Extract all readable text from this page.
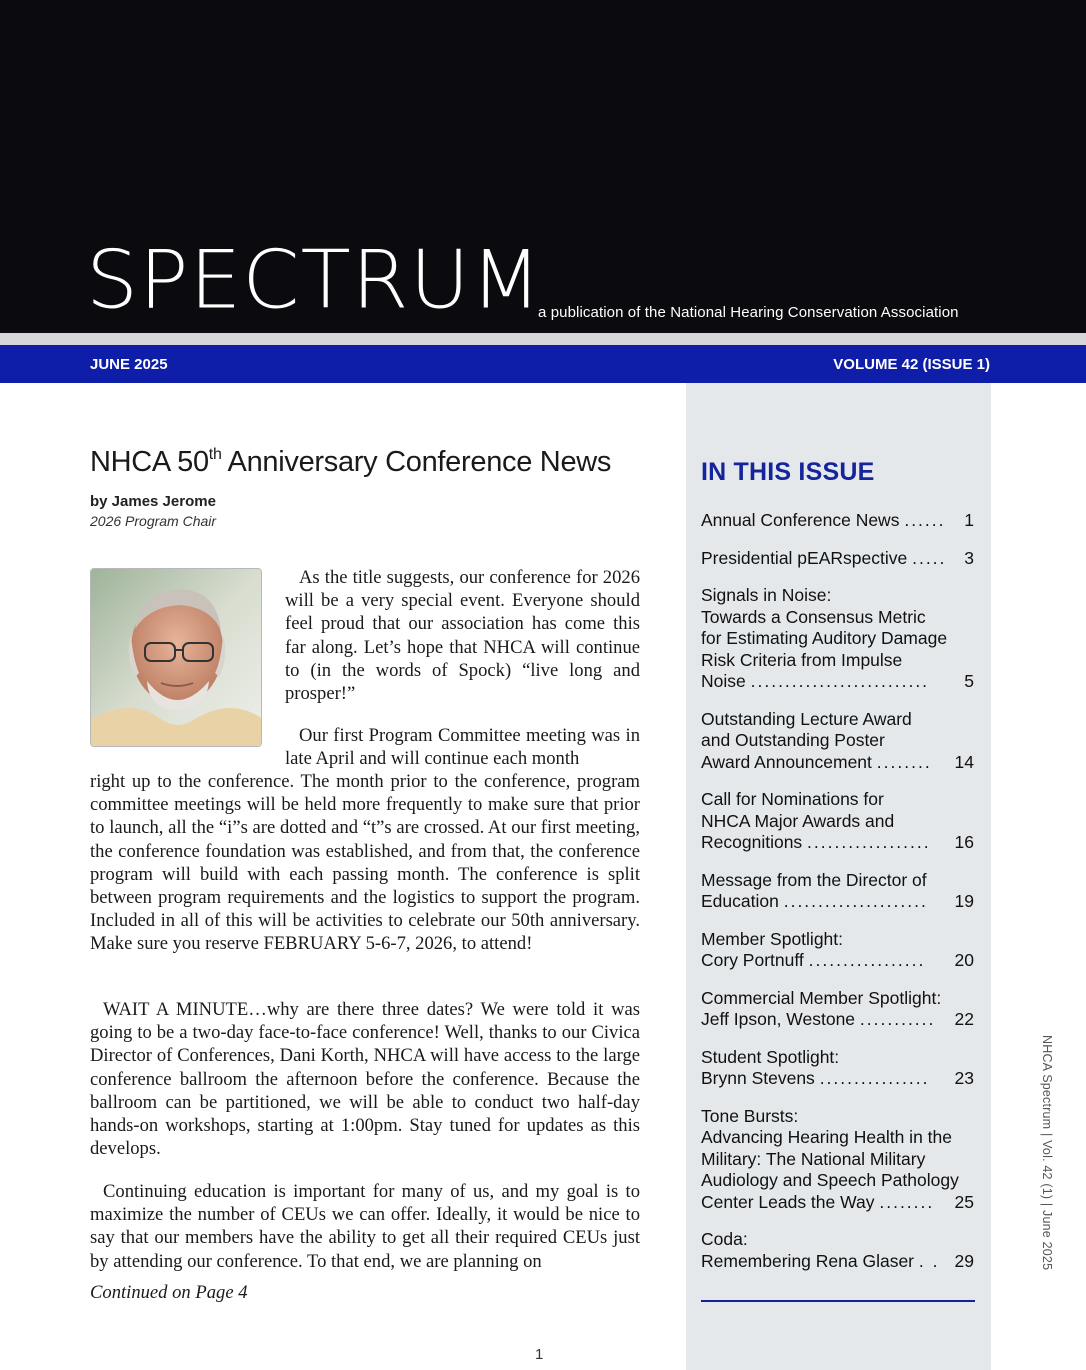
SPECTRUM
a publication of the National Hearing Conservation Association
JUNE 2025	VOLUME 42 (ISSUE 1)
NHCA 50th Anniversary Conference News
by James Jerome
2026 Program Chair

As the title suggests, our conference for 2026 will be a very special event. Everyone should feel proud that our association has come this far along. Let’s hope that NHCA will continue to (in the words of Spock) “live long and prosper!”

Our first Program Committee meeting was in late April and will continue each month

right up to the conference. The month prior to the conference, program committee meetings will be held more frequently to make sure that prior to launch, all the “i”s are dotted and “t”s are crossed. At our first meeting, the conference foundation was established, and from that, the conference program will build with each passing month. The conference is split between program requirements and the logistics to support the program. Included in all of this will be activities to celebrate our 50th anniversary. Make sure you reserve FEBRUARY 5-6-7, 2026, to attend!

WAIT A MINUTE…why are there three dates? We were told it was going to be a two-day face-to-face conference! Well, thanks to our Civica Director of Conferences, Dani Korth, NHCA will have access to the large conference ballroom the afternoon before the conference. Because the ballroom can be partitioned, we will be able to conduct two half-day hands-on workshops, starting at 1:00pm. Stay tuned for updates as this develops.

Continuing education is important for many of us, and my goal is to maximize the number of CEUs we can offer. Ideally, it would be nice to say that our members have the ability to get all their required CEUs just by attending our conference. To that end, we are planning on

Continued on Page 4
1
IN THIS ISSUE
Annual Conference News ......	1
Presidential pEARspective .....	3
Signals in Noise:
Towards a Consensus Metric
for Estimating Auditory Damage
Risk Criteria from Impulse
Noise ..........................	5
Outstanding Lecture Award
and Outstanding Poster
Award Announcement ........	14
Call for Nominations for
NHCA Major Awards and
Recognitions ..................	16
Message from the Director of
Education .....................	19
Member Spotlight:
Cory Portnuff .................	20
Commercial Member Spotlight:
Jeff Ipson, Westone ...........	22
Student Spotlight:
Brynn Stevens ................	23
Tone Bursts:
Advancing Hearing Health in the
Military: The National Military
Audiology and Speech Pathology
Center Leads the Way ........	25
Coda:
Remembering Rena Glaser . . 29	NHCA Spectrum | Vol. 42 (1) | June 2025
